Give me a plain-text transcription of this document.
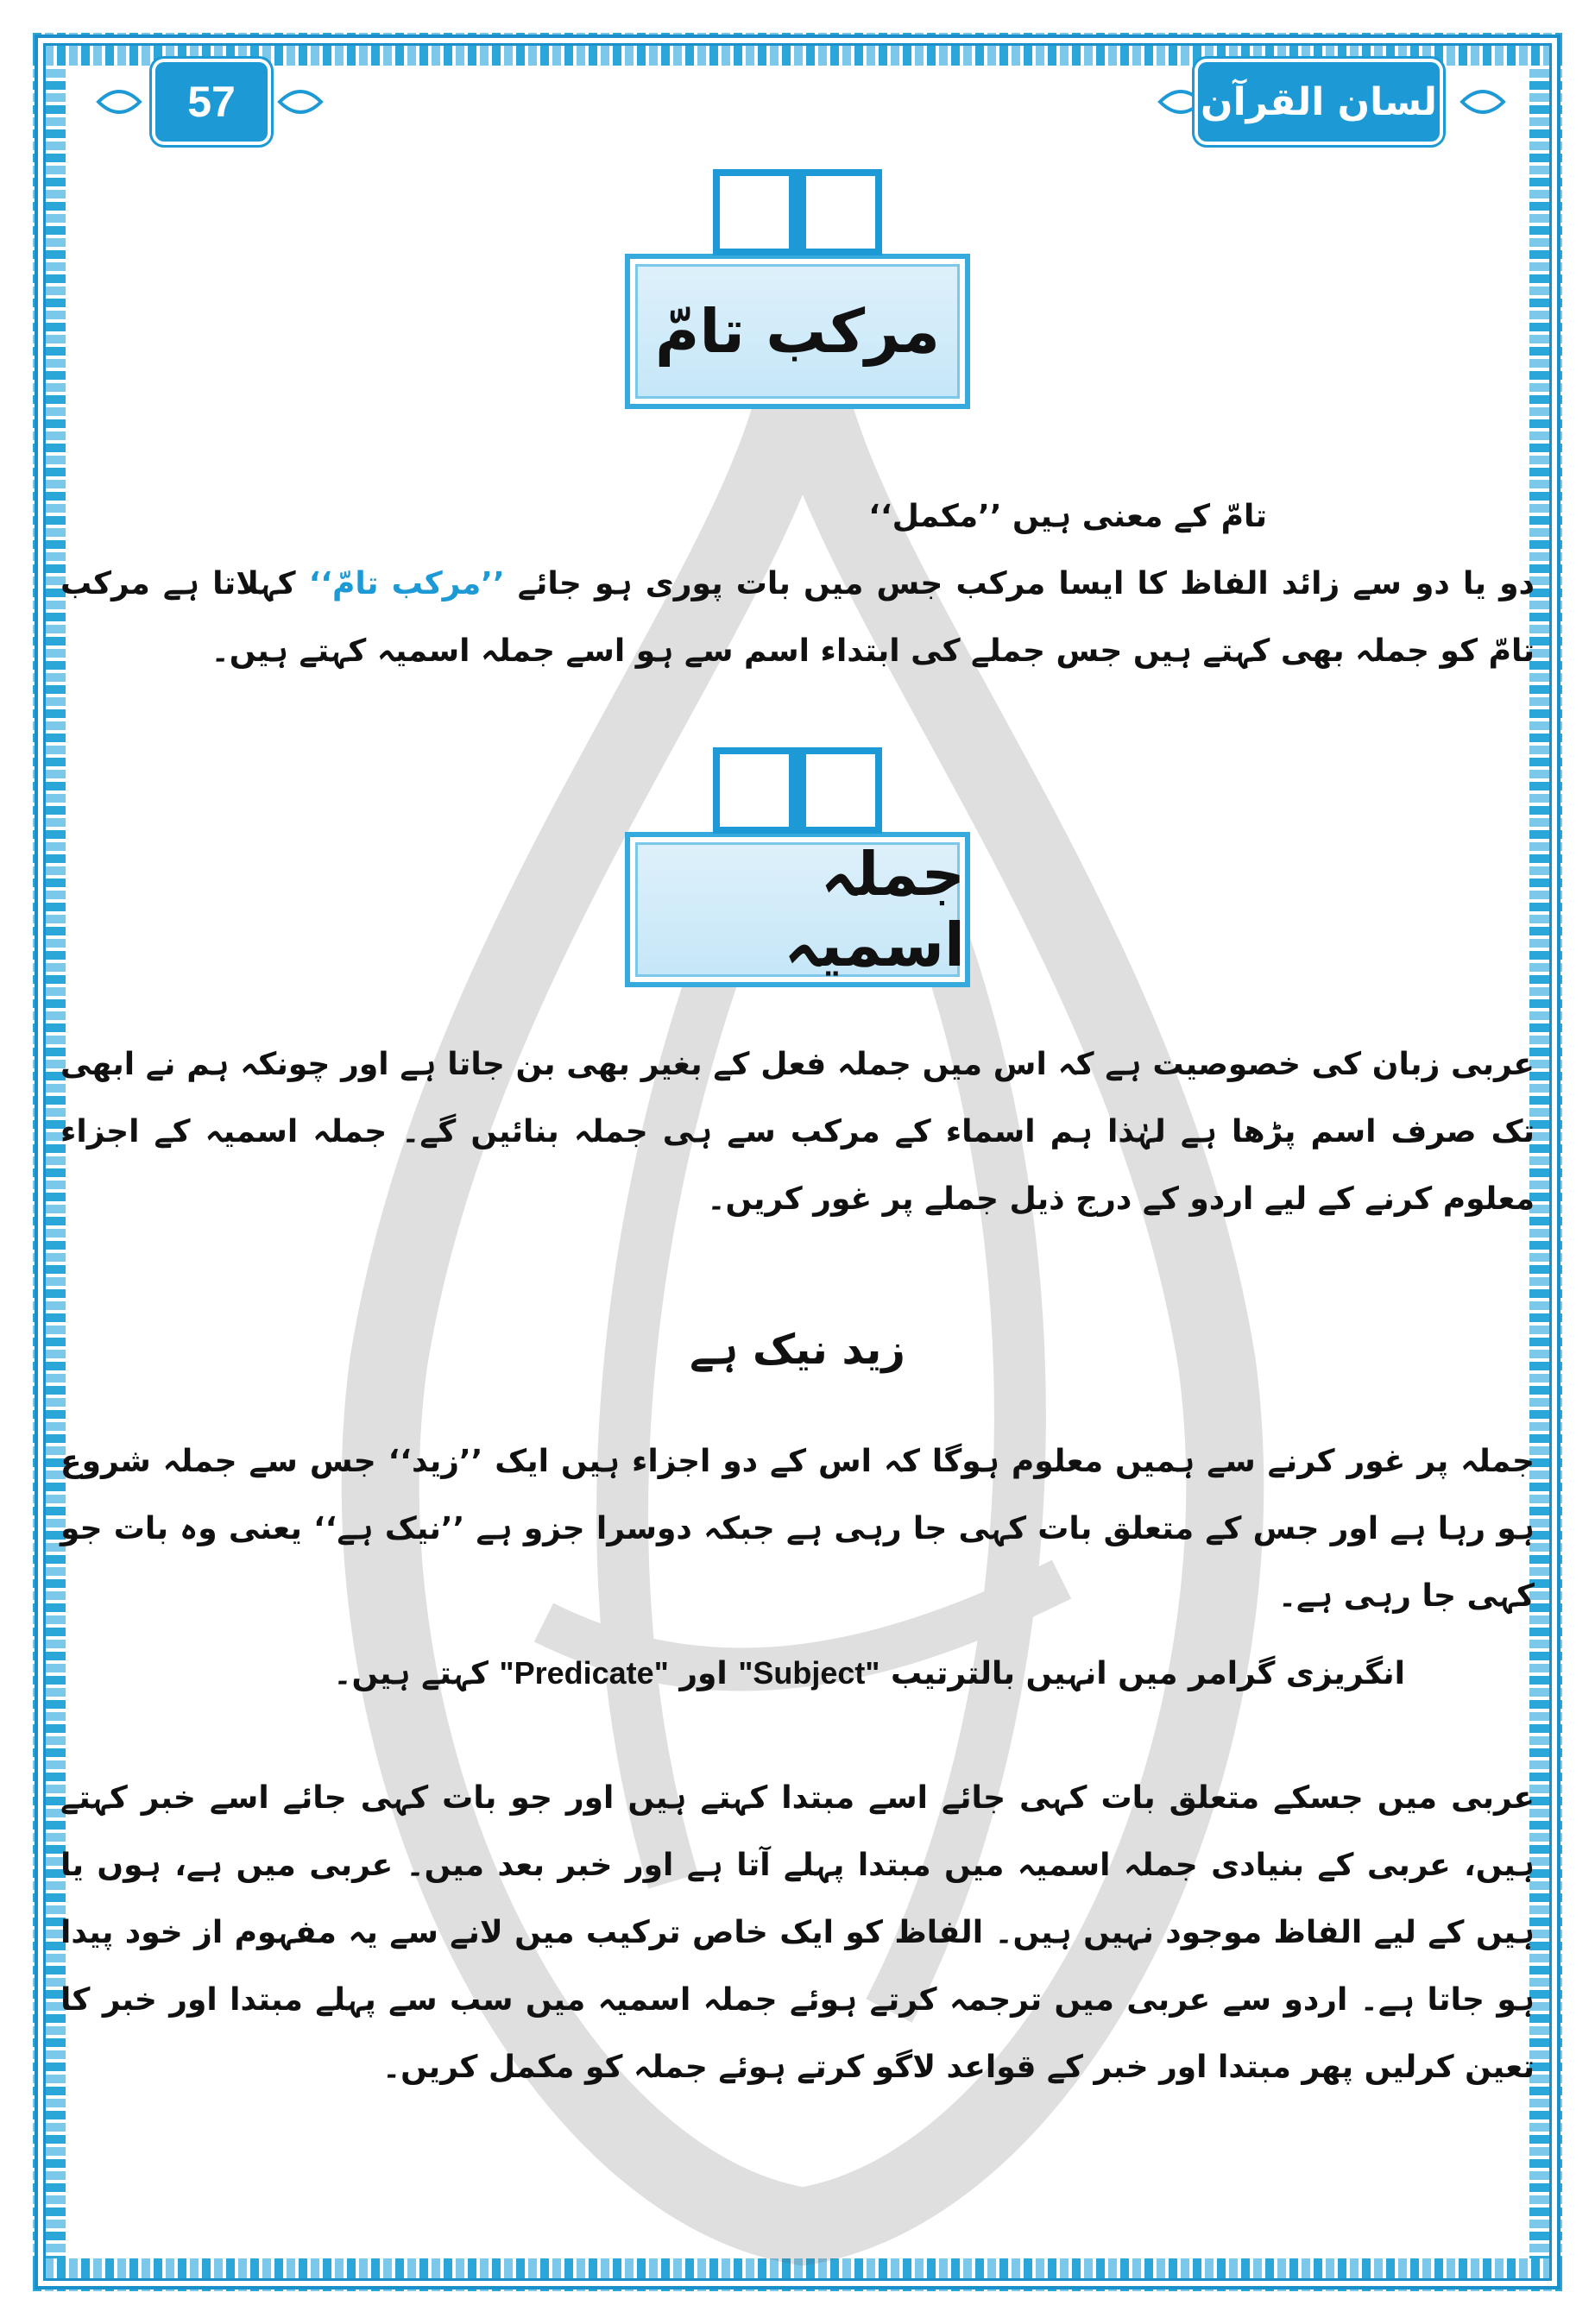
57	لسان القرآن
مرکب تامّ
تامّ کے معنی ہیں ’’مکمل‘‘
دو یا دو سے زائد الفاظ کا ایسا مرکب جس میں بات پوری ہو جائے ’’مرکب تامّ‘‘ کہلاتا ہے مرکب تامّ کو جملہ بھی کہتے ہیں جس جملے کی ابتداء اسم سے ہو اسے جملہ اسمیہ کہتے ہیں۔
جملہ اسمیہ
عربی زبان کی خصوصیت ہے کہ اس میں جملہ فعل کے بغیر بھی بن جاتا ہے اور چونکہ ہم نے ابھی تک صرف اسم پڑھا ہے لہٰذا ہم اسماء کے مرکب سے ہی جملہ بنائیں گے۔ جملہ اسمیہ کے اجزاء معلوم کرنے کے لیے اردو کے درج ذیل جملے پر غور کریں۔
زید نیک ہے
جملہ پر غور کرنے سے ہمیں معلوم ہوگا کہ اس کے دو اجزاء ہیں ایک ’’زید‘‘ جس سے جملہ شروع ہو رہا ہے اور جس کے متعلق بات کہی جا رہی ہے جبکہ دوسرا جزو ہے ’’نیک ہے‘‘ یعنی وہ بات جو کہی جا رہی ہے۔
انگریزی گرامر میں انہیں بالترتیب "Subject" اور "Predicate" کہتے ہیں۔
عربی میں جسکے متعلق بات کہی جائے اسے مبتدا کہتے ہیں اور جو بات کہی جائے اسے خبر کہتے ہیں، عربی کے بنیادی جملہ اسمیہ میں مبتدا پہلے آتا ہے اور خبر بعد میں۔ عربی میں ہے، ہوں یا ہیں کے لیے الفاظ موجود نہیں ہیں۔ الفاظ کو ایک خاص ترکیب میں لانے سے یہ مفہوم از خود پیدا ہو جاتا ہے۔ اردو سے عربی میں ترجمہ کرتے ہوئے جملہ اسمیہ میں سب سے پہلے مبتدا اور خبر کا تعین کرلیں پھر مبتدا اور خبر کے قواعد لاگو کرتے ہوئے جملہ کو مکمل کریں۔
